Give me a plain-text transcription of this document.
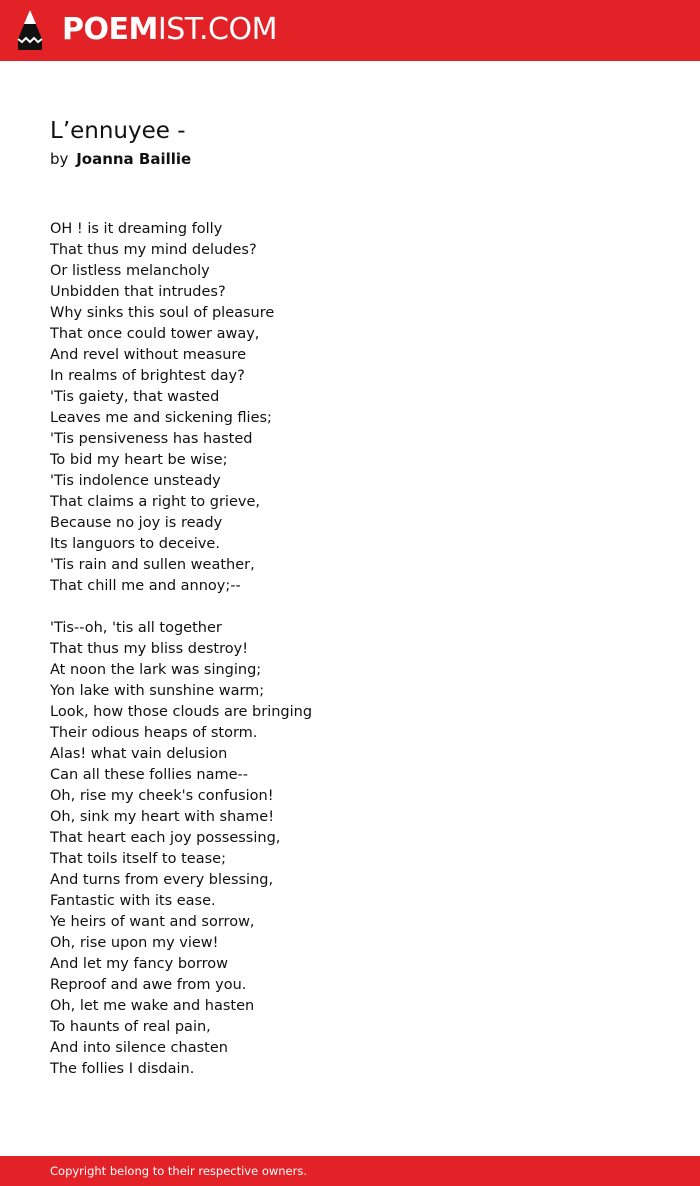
POEMIST.COM
L’ennuyee -
by Joanna Baillie
OH ! is it dreaming folly
That thus my mind deludes?
Or listless melancholy
Unbidden that intrudes?
Why sinks this soul of pleasure
That once could tower away,
And revel without measure
In realms of brightest day?
'Tis gaiety, that wasted
Leaves me and sickening flies;
'Tis pensiveness has hasted
To bid my heart be wise;
'Tis indolence unsteady
That claims a right to grieve,
Because no joy is ready
Its languors to deceive.
'Tis rain and sullen weather,
That chill me and annoy;--
'Tis--oh, 'tis all together
That thus my bliss destroy!
At noon the lark was singing;
Yon lake with sunshine warm;
Look, how those clouds are bringing
Their odious heaps of storm.
Alas! what vain delusion
Can all these follies name--
Oh, rise my cheek's confusion!
Oh, sink my heart with shame!
That heart each joy possessing,
That toils itself to tease;
And turns from every blessing,
Fantastic with its ease.
Ye heirs of want and sorrow,
Oh, rise upon my view!
And let my fancy borrow
Reproof and awe from you.
Oh, let me wake and hasten
To haunts of real pain,
And into silence chasten
The follies I disdain.
Copyright belong to their respective owners.
